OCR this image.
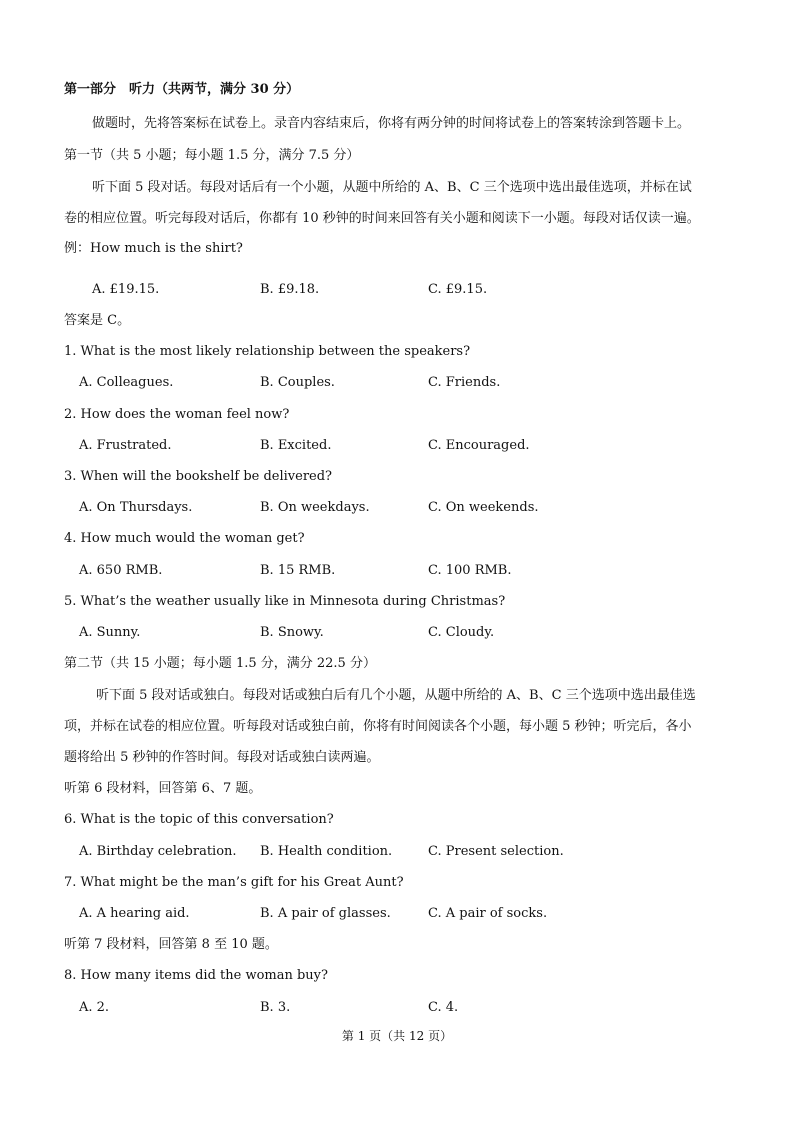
第一部分　听力（共两节，满分 30 分）
做题时，先将答案标在试卷上。录音内容结束后，你将有两分钟的时间将试卷上的答案转涂到答题卡上。
第一节（共 5 小题；每小题 1.5 分，满分 7.5 分）
听下面 5 段对话。每段对话后有一个小题，从题中所给的 A、B、C 三个选项中选出最佳选项，并标在试
卷的相应位置。听完每段对话后，你都有 10 秒钟的时间来回答有关小题和阅读下一小题。每段对话仅读一遍。
例：How much is the shirt?
A. £19.15.	B. £9.18.	C. £9.15.
答案是 C。
1. What is the most likely relationship between the speakers?
A. Colleagues.	B. Couples.	C. Friends.
2. How does the woman feel now?
A. Frustrated.	B. Excited.	C. Encouraged.
3. When will the bookshelf be delivered?
A. On Thursdays.	B. On weekdays.	C. On weekends.
4. How much would the woman get?
A. 650 RMB.	B. 15 RMB.	C. 100 RMB.
5. What’s the weather usually like in Minnesota during Christmas?
A. Sunny.	B. Snowy.	C. Cloudy.
第二节（共 15 小题；每小题 1.5 分，满分 22.5 分）
听下面 5 段对话或独白。每段对话或独白后有几个小题，从题中所给的 A、B、C 三个选项中选出最佳选
项，并标在试卷的相应位置。听每段对话或独白前，你将有时间阅读各个小题，每小题 5 秒钟；听完后，各小
题将给出 5 秒钟的作答时间。每段对话或独白读两遍。
听第 6 段材料，回答第 6、7 题。
6. What is the topic of this conversation?
A. Birthday celebration. B. Health condition.	C. Present selection.
7. What might be the man’s gift for his Great Aunt?
A. A hearing aid.	B. A pair of glasses.	C. A pair of socks.
听第 7 段材料，回答第 8 至 10 题。
8. How many items did the woman buy?
A. 2.	B. 3.	C. 4.
第 1 页（共 12 页）
